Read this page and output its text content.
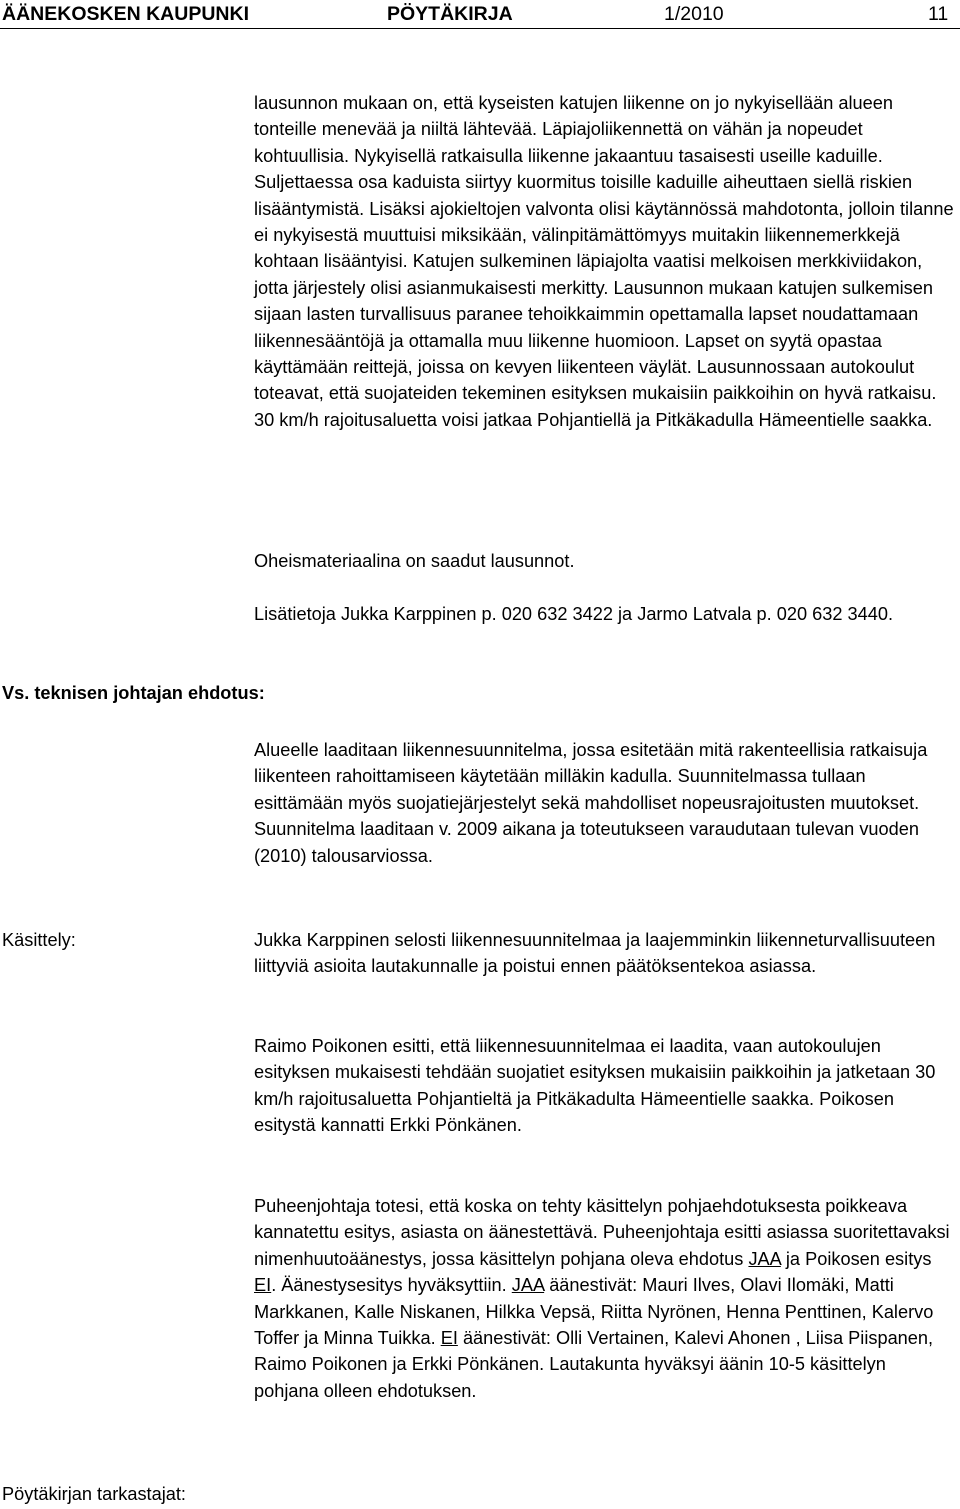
ÄÄNEKOSKEN KAUPUNKI	PÖYTÄKIRJA	1/2010	11

lausunnon mukaan on, että kyseisten katujen liikenne on jo nykyisellään alueen tonteille menevää ja niiltä lähtevää. Läpiajoliikennettä on vähän ja nopeudet kohtuullisia. Nykyisellä ratkaisulla liikenne jakaantuu tasaisesti useille kaduille. Suljettaessa osa kaduista siirtyy kuormitus toisille kaduille aiheuttaen siellä riskien lisääntymistä. Lisäksi ajokieltojen valvonta olisi käytännössä mahdotonta, jolloin tilanne ei nykyisestä muuttuisi miksikään, välinpitämättömyys muitakin liikennemerkkejä kohtaan lisääntyisi. Katujen sulkeminen läpiajolta vaatisi melkoisen merkkiviidakon, jotta järjestely olisi asianmukaisesti merkitty. Lausunnon mukaan katujen sulkemisen sijaan lasten turvallisuus paranee tehoikkaimmin opettamalla lapset noudattamaan liikennesääntöjä ja ottamalla muu liikenne huomioon. Lapset on syytä opastaa käyttämään reittejä, joissa on kevyen liikenteen väylät. Lausunnossaan autokoulut toteavat, että suojateiden tekeminen esityksen mukaisiin paikkoihin on hyvä ratkaisu. 30 km/h rajoitusaluetta voisi jatkaa Pohjantiellä ja Pitkäkadulla Hämeentielle saakka.

Oheismateriaalina on saadut lausunnot.

Lisätietoja Jukka Karppinen p. 020 632 3422 ja Jarmo Latvala p. 020 632 3440.

Vs. teknisen johtajan ehdotus:

Alueelle laaditaan liikennesuunnitelma, jossa esitetään mitä rakenteellisia ratkaisuja liikenteen rahoittamiseen käytetään milläkin kadulla. Suunnitelmassa tullaan esittämään myös suojatiejärjestelyt sekä mahdolliset nopeusrajoitusten muutokset. Suunnitelma laaditaan v. 2009 aikana ja toteutukseen varaudutaan tulevan vuoden (2010) talousarviossa.

Käsittely:	Jukka Karppinen selosti liikennesuunnitelmaa ja laajemminkin liikenneturvallisuuteen liittyviä asioita lautakunnalle ja poistui ennen päätöksentekoa asiassa.

Raimo Poikonen esitti, että liikennesuunnitelmaa ei laadita, vaan autokoulujen esityksen mukaisesti tehdään suojatiet esityksen mukaisiin paikkoihin ja jatketaan 30 km/h rajoitusaluetta Pohjantieltä ja Pitkäkadulta Hämeentielle saakka. Poikosen esitystä kannatti Erkki Pönkänen.

Puheenjohtaja totesi, että koska on tehty käsittelyn pohjaehdotuksesta poikkeava kannatettu esitys, asiasta on äänestettävä. Puheenjohtaja esitti asiassa suoritettavaksi nimenhuutoäänestys, jossa käsittelyn pohjana oleva ehdotus JAA ja Poikosen esitys EI. Äänestysesitys hyväksyttiin. JAA äänestivät: Mauri Ilves, Olavi Ilomäki, Matti Markkanen, Kalle Niskanen, Hilkka Vepsä, Riitta Nyrönen, Henna Penttinen, Kalervo Toffer ja Minna Tuikka. EI äänestivät: Olli Vertainen, Kalevi Ahonen , Liisa Piispanen, Raimo Poikonen ja Erkki Pönkänen. Lautakunta hyväksyi äänin 10-5 käsittelyn pohjana olleen ehdotuksen.

Pöytäkirjan tarkastajat:
